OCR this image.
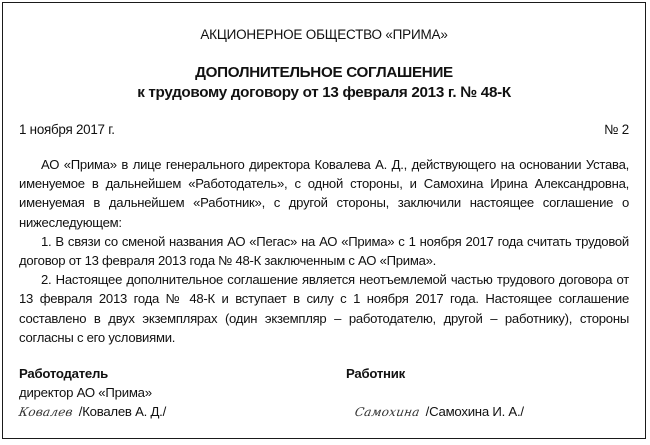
АКЦИОНЕРНОЕ ОБЩЕСТВО «ПРИМА»
ДОПОЛНИТЕЛЬНОЕ СОГЛАШЕНИЕ
к трудовому договору от 13 февраля 2013 г. № 48-К
1 ноября 2017 г.	№ 2

АО «Прима» в лице генерального директора Ковалева А. Д., действующего на основании Устава, именуемое в дальнейшем «Работодатель», с одной стороны, и Самохина Ирина Александровна, именуемая в дальнейшем «Работник», с другой стороны, заключили настоящее соглашение о нижеследующем:

1. В связи со сменой названия АО «Пегас» на АО «Прима» с 1 ноября 2017 года считать трудовой договор от 13 февраля 2013 года № 48-К заключенным с АО «Прима».

2. Настоящее дополнительное соглашение является неотъемлемой частью трудового договора от 13 февраля 2013 года № 48-К и вступает в силу с 1 ноября 2017 года. Настоящее соглашение составлено в двух экземплярах (один экземпляр – работодателю, другой – работнику), стороны согласны с его условиями.

Работодатель
директор АО «Прима»
Работник
Ковалев /Ковалев А. Д./	Самохина /Самохина И. А./
